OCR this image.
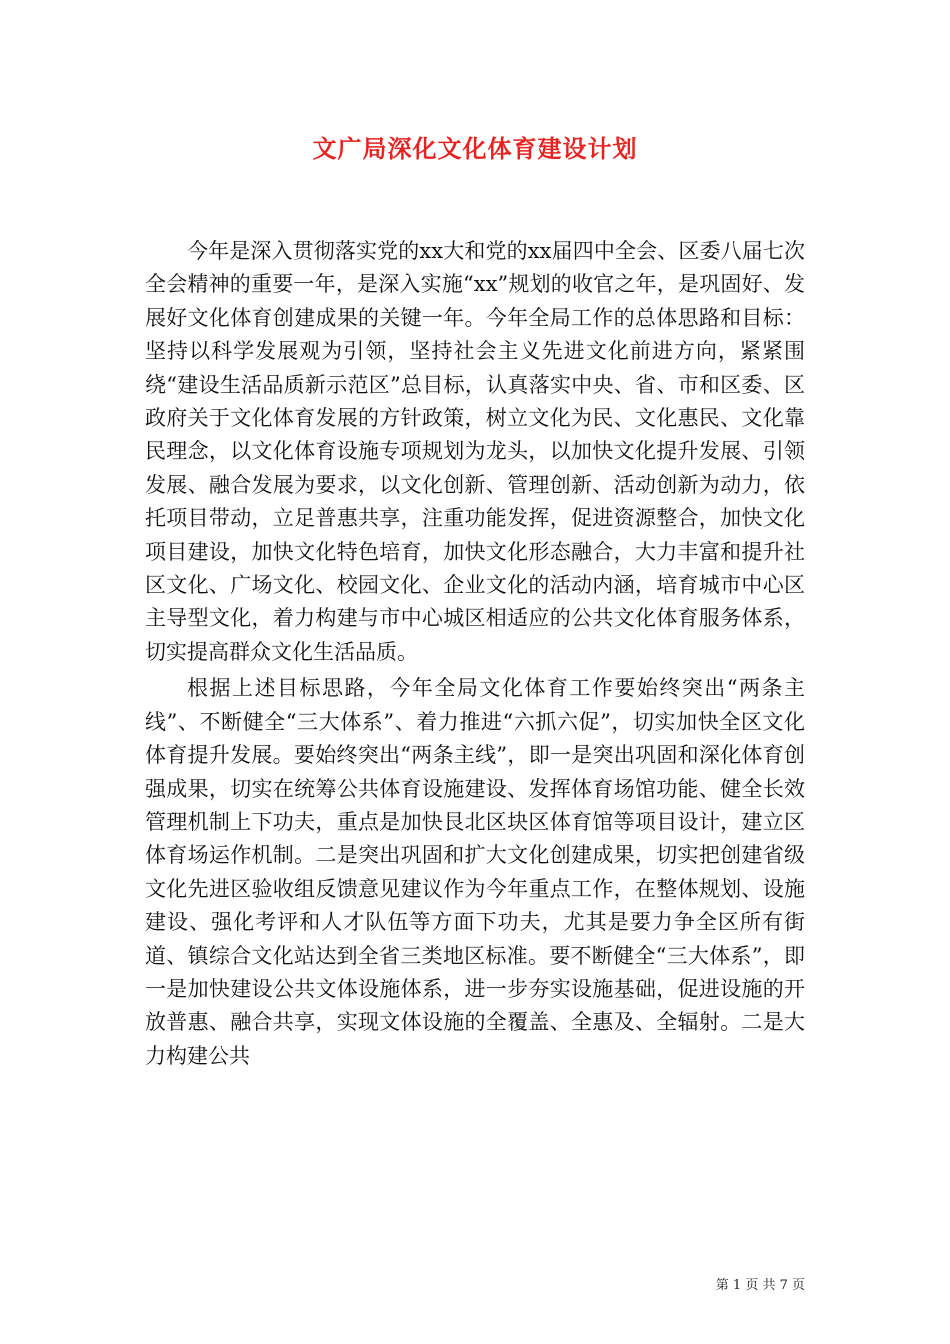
文广局深化文化体育建设计划

今年是深入贯彻落实党的xx大和党的xx届四中全会、区委八届七次全会精神的重要一年，是深入实施“xx”规划的收官之年，是巩固好、发展好文化体育创建成果的关键一年。今年全局工作的总体思路和目标：坚持以科学发展观为引领，坚持社会主义先进文化前进方向，紧紧围绕“建设生活品质新示范区”总目标，认真落实中央、省、市和区委、区政府关于文化体育发展的方针政策，树立文化为民、文化惠民、文化靠民理念，以文化体育设施专项规划为龙头，以加快文化提升发展、引领发展、融合发展为要求，以文化创新、管理创新、活动创新为动力，依托项目带动，立足普惠共享，注重功能发挥，促进资源整合，加快文化项目建设，加快文化特色培育，加快文化形态融合，大力丰富和提升社区文化、广场文化、校园文化、企业文化的活动内涵，培育城市中心区主导型文化，着力构建与市中心城区相适应的公共文化体育服务体系，切实提高群众文化生活品质。

根据上述目标思路，今年全局文化体育工作要始终突出“两条主线”、不断健全“三大体系”、着力推进“六抓六促”，切实加快全区文化体育提升发展。要始终突出“两条主线”，即一是突出巩固和深化体育创强成果，切实在统筹公共体育设施建设、发挥体育场馆功能、健全长效管理机制上下功夫，重点是加快艮北区块区体育馆等项目设计，建立区体育场运作机制。二是突出巩固和扩大文化创建成果，切实把创建省级文化先进区验收组反馈意见建议作为今年重点工作，在整体规划、设施建设、强化考评和人才队伍等方面下功夫，尤其是要力争全区所有街道、镇综合文化站达到全省三类地区标准。要不断健全“三大体系”，即一是加快建设公共文体设施体系，进一步夯实设施基础，促进设施的开放普惠、融合共享，实现文体设施的全覆盖、全惠及、全辐射。二是大力构建公共

第 1 页 共 7 页
